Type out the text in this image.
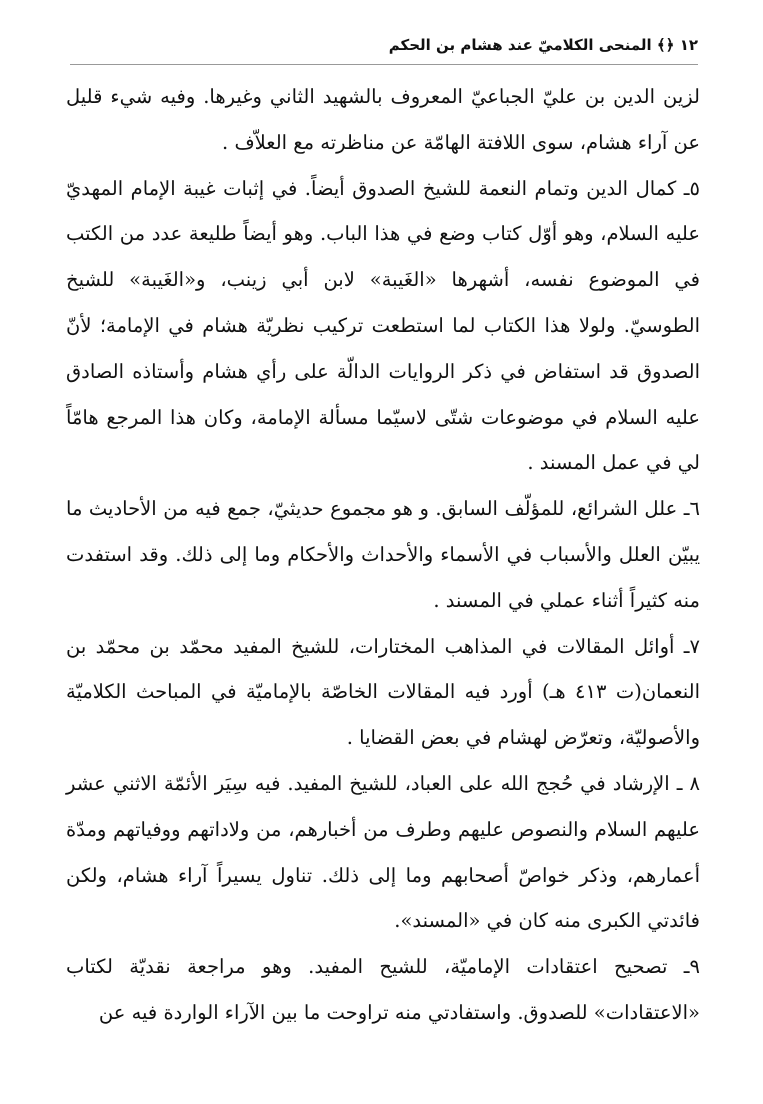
١٢ ﴿﴾ المنحى الكلاميّ عند هشام بن الحكم

لزين الدين بن عليّ الجباعيّ المعروف بالشهيد الثاني وغيرها. وفيه شيء قليل عن آراء هشام، سوى اللافتة الهامّة عن مناظرته مع العلاّف .

٥ـ كمال الدين وتمام النعمة للشيخ الصدوق أيضاً. في إثبات غيبة الإمام المهديّ عليه السلام، وهو أوّل كتاب وضع في هذا الباب. وهو أيضاً طليعة عدد من الكتب في الموضوع نفسه، أشهرها «الغَيبة» لابن أبي زينب، و«الغَيبة» للشيخ الطوسيّ. ولولا هذا الكتاب لما استطعت تركيب نظريّة هشام في الإمامة؛ لأنّ الصدوق قد استفاض في ذكر الروايات الدالّة على رأي هشام وأستاذه الصادق عليه السلام في موضوعات شتّى لاسيّما مسألة الإمامة، وكان هذا المرجع هامّاً لي في عمل المسند .

٦ـ علل الشرائع، للمؤلّف السابق. و هو مجموع حديثيّ، جمع فيه من الأحاديث ما يبيّن العلل والأسباب في الأسماء والأحداث والأحكام وما إلى ذلك. وقد استفدت منه كثيراً أثناء عملي في المسند .

٧ـ أوائل المقالات في المذاهب المختارات، للشيخ المفيد محمّد بن محمّد بن النعمان(ت ٤١٣ هـ) أورد فيه المقالات الخاصّة بالإماميّة في المباحث الكلاميّة والأصوليّة، وتعرّض لهشام في بعض القضايا .

٨ ـ الإرشاد في حُجج الله على العباد، للشيخ المفيد. فيه سِيَر الأئمّة الاثني عشر عليهم السلام والنصوص عليهم وطرف من أخبارهم، من ولاداتهم ووفياتهم ومدّة أعمارهم، وذكر خواصّ أصحابهم وما إلى ذلك. تناول يسيراً آراء هشام، ولكن فائدتي الكبرى منه كان في «المسند».

٩ـ تصحيح اعتقادات الإماميّة، للشيح المفيد. وهو مراجعة نقديّة لكتاب «الاعتقادات» للصدوق. واستفادتي منه تراوحت ما بين الآراء الواردة فيه عن
